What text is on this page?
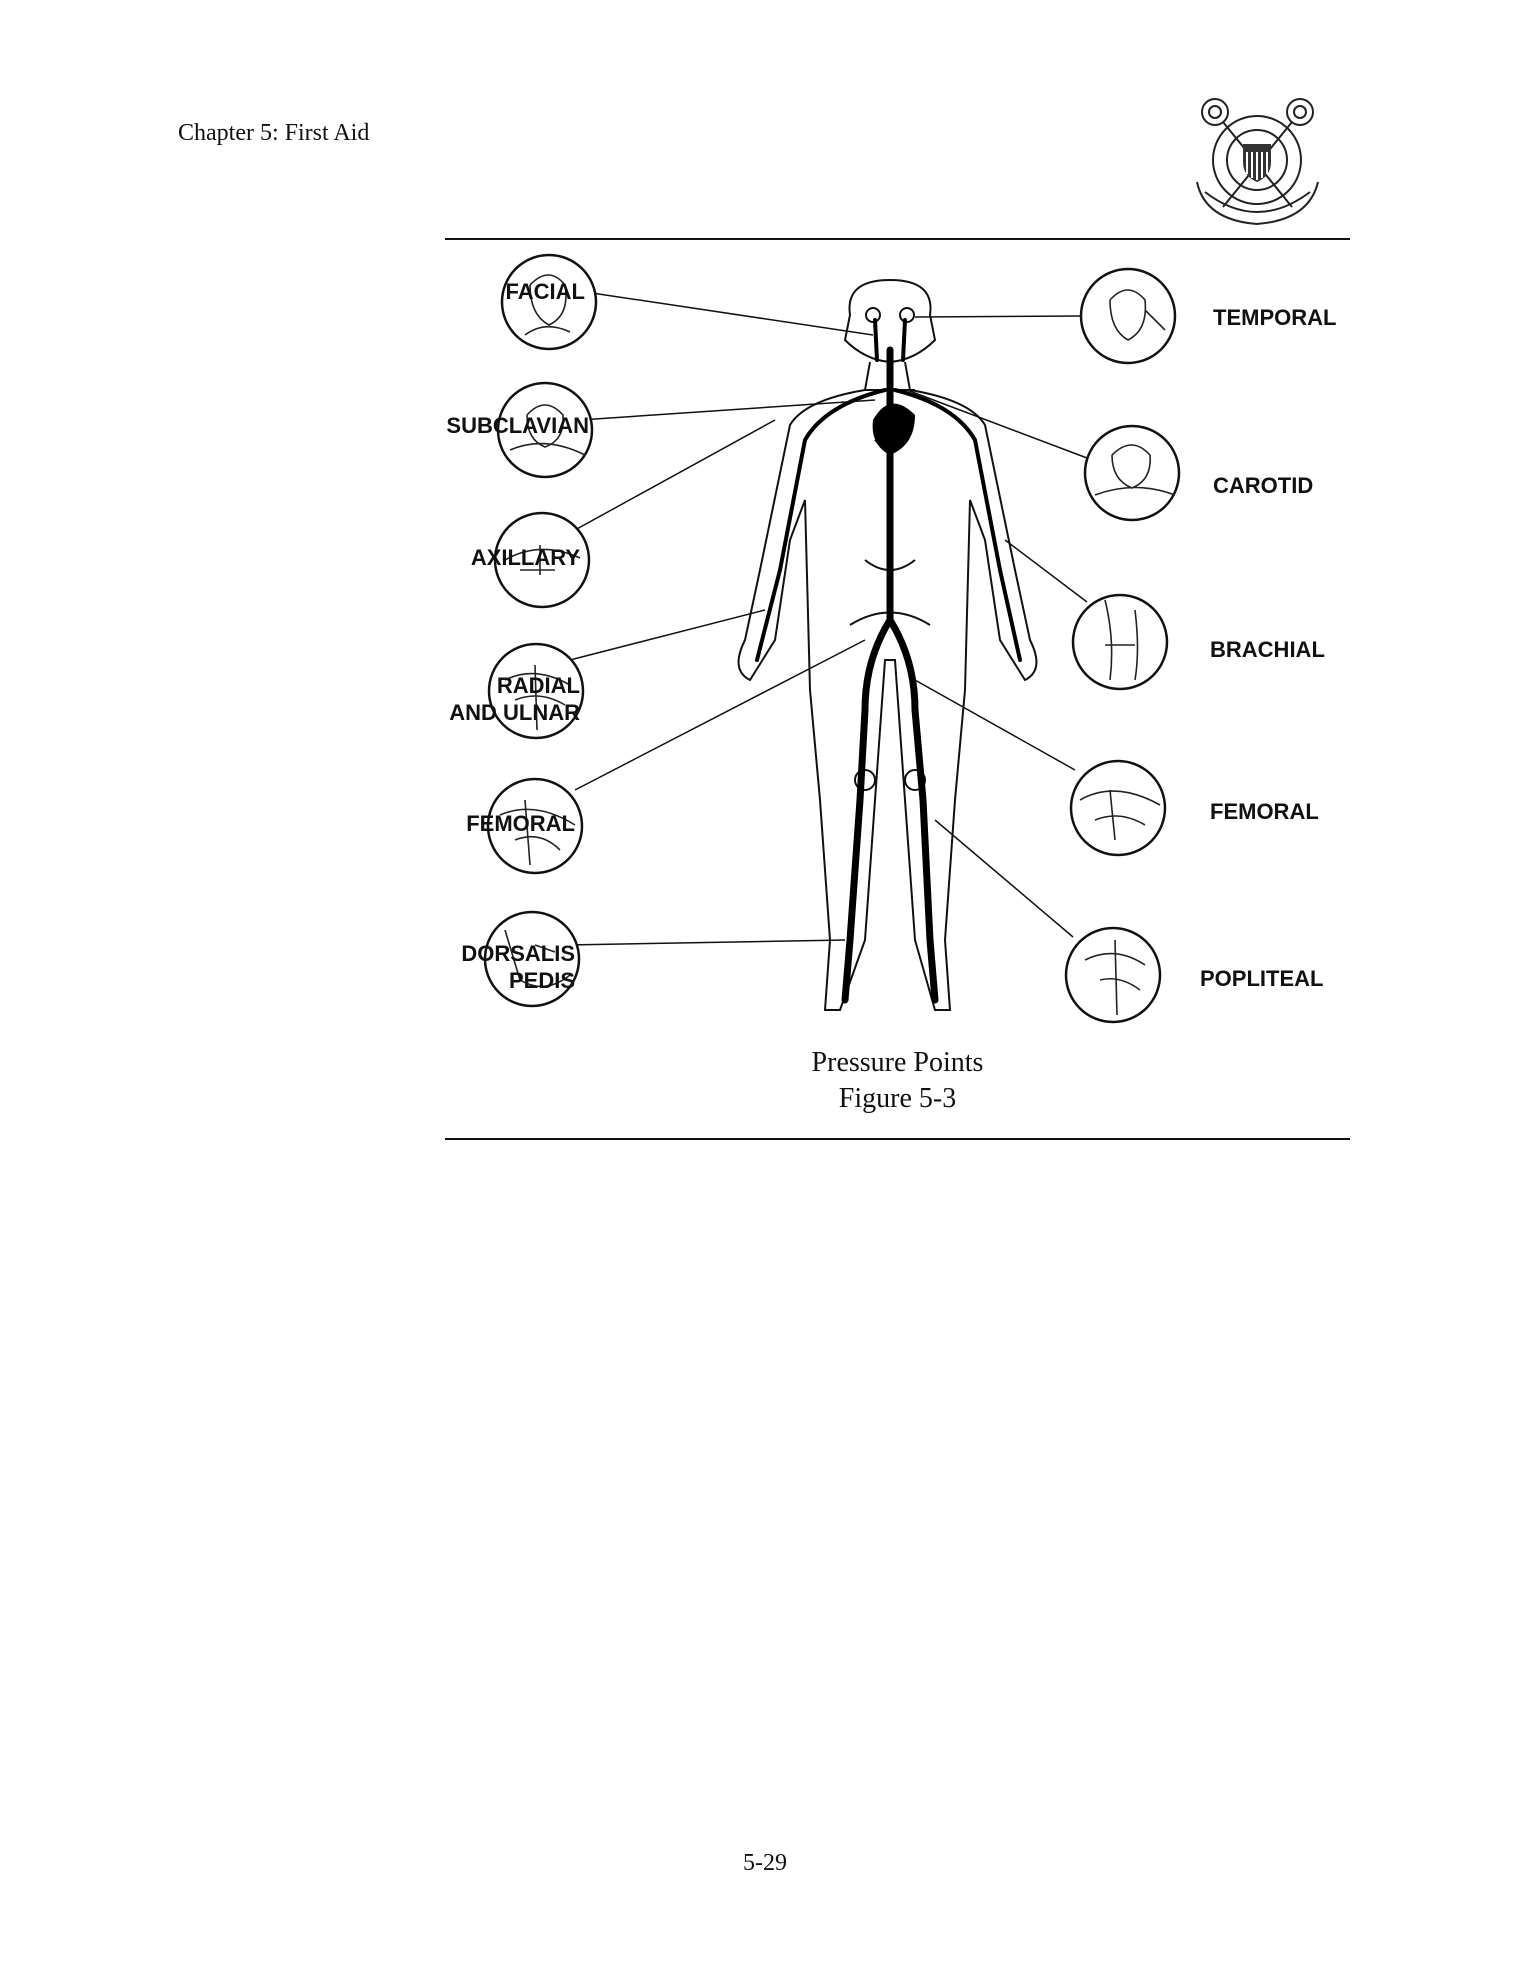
Chapter 5: First Aid
FACIAL
SUBCLAVIAN
AXILLARY
RADIAL
AND ULNAR
FEMORAL
DORSALIS
PEDIS
TEMPORAL
CAROTID
BRACHIAL
FEMORAL
POPLITEAL
Pressure Points
Figure 5-3
5-29
